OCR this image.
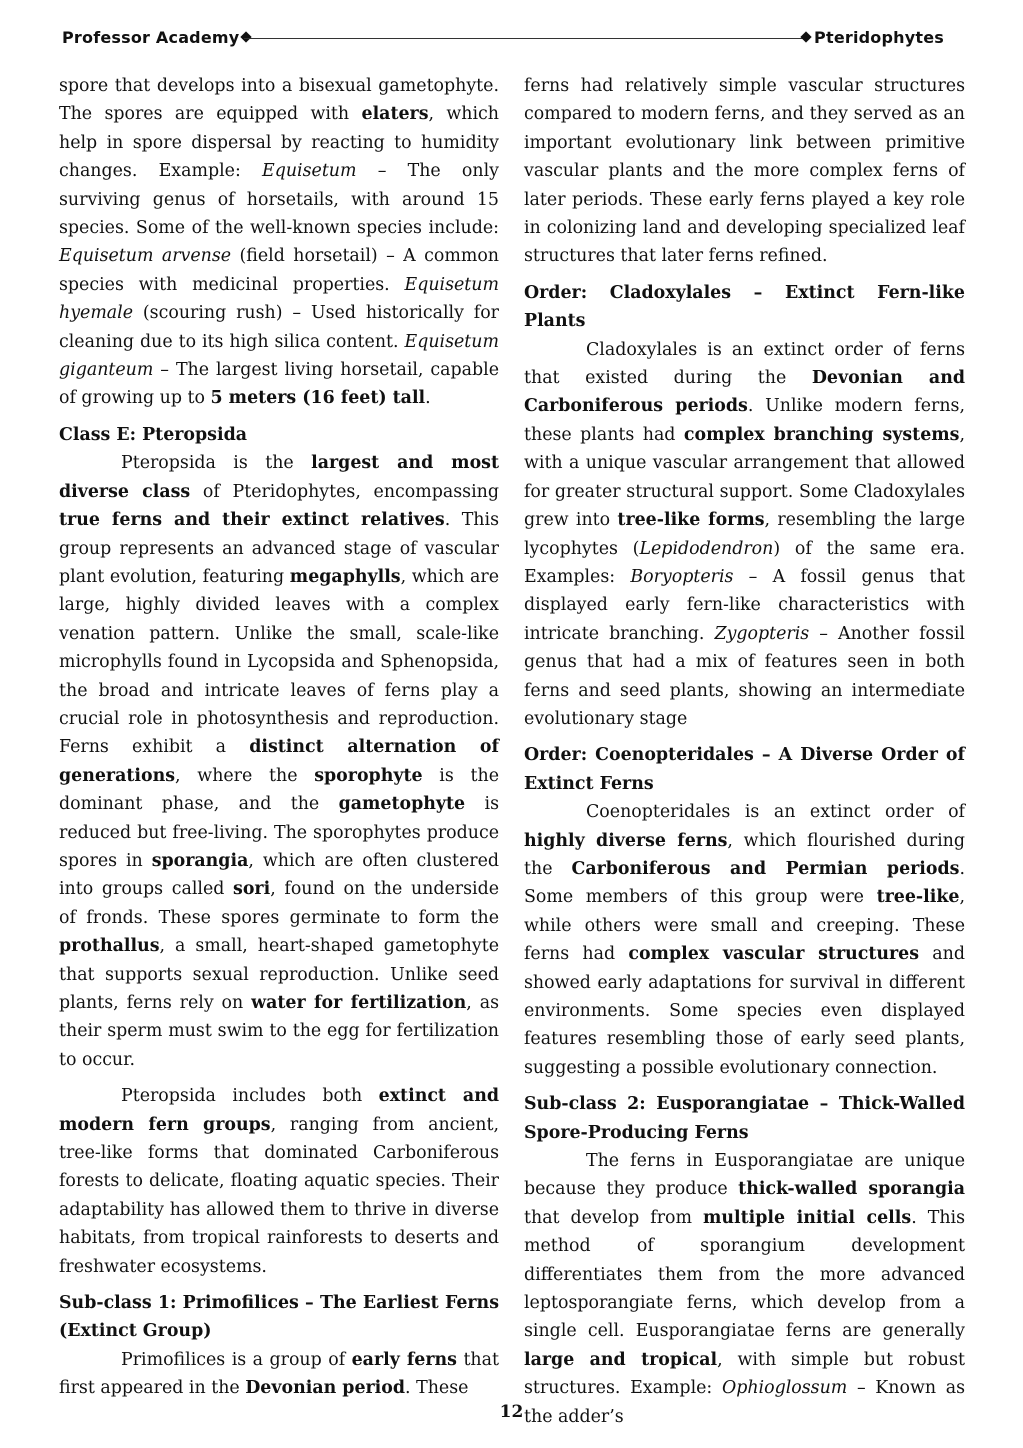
Professor Academy	Pteridophytes

spore that develops into a bisexual gametophyte. The spores are equipped with elaters, which help in spore dispersal by reacting to humidity changes. Example: Equisetum – The only surviving genus of horsetails, with around 15 species. Some of the well-known species include: Equisetum arvense (field horsetail) – A common species with medicinal properties. Equisetum hyemale (scouring rush) – Used historically for cleaning due to its high silica content. Equisetum giganteum – The largest living horsetail, capable of growing up to 5 meters (16 feet) tall.

Class E: Pteropsida

Pteropsida is the largest and most diverse class of Pteridophytes, encompassing true ferns and their extinct relatives. This group represents an advanced stage of vascular plant evolution, featuring megaphylls, which are large, highly divided leaves with a complex venation pattern. Unlike the small, scale-like microphylls found in Lycopsida and Sphenopsida, the broad and intricate leaves of ferns play a crucial role in photosynthesis and reproduction. Ferns exhibit a distinct alternation of generations, where the sporophyte is the dominant phase, and the gametophyte is reduced but free-living. The sporophytes produce spores in sporangia, which are often clustered into groups called sori, found on the underside of fronds. These spores germinate to form the prothallus, a small, heart-shaped gametophyte that supports sexual reproduction. Unlike seed plants, ferns rely on water for fertilization, as their sperm must swim to the egg for fertilization to occur.

Pteropsida includes both extinct and modern fern groups, ranging from ancient, tree-like forms that dominated Carboniferous forests to delicate, floating aquatic species. Their adaptability has allowed them to thrive in diverse habitats, from tropical rainforests to deserts and freshwater ecosystems.

Sub-class 1: Primofilices – The Earliest Ferns (Extinct Group)

Primofilices is a group of early ferns that first appeared in the Devonian period. These

ferns had relatively simple vascular structures compared to modern ferns, and they served as an important evolutionary link between primitive vascular plants and the more complex ferns of later periods. These early ferns played a key role in colonizing land and developing specialized leaf structures that later ferns refined.

Order: Cladoxylales – Extinct Fern-like Plants

Cladoxylales is an extinct order of ferns that existed during the Devonian and Carboniferous periods. Unlike modern ferns, these plants had complex branching systems, with a unique vascular arrangement that allowed for greater structural support. Some Cladoxylales grew into tree-like forms, resembling the large lycophytes (Lepidodendron) of the same era. Examples: Boryopteris – A fossil genus that displayed early fern-like characteristics with intricate branching. Zygopteris – Another fossil genus that had a mix of features seen in both ferns and seed plants, showing an intermediate evolutionary stage

Order: Coenopteridales – A Diverse Order of Extinct Ferns

Coenopteridales is an extinct order of highly diverse ferns, which flourished during the Carboniferous and Permian periods. Some members of this group were tree-like, while others were small and creeping. These ferns had complex vascular structures and showed early adaptations for survival in different environments. Some species even displayed features resembling those of early seed plants, suggesting a possible evolutionary connection.

Sub-class 2: Eusporangiatae – Thick-Walled Spore-Producing Ferns

The ferns in Eusporangiatae are unique because they produce thick-walled sporangia that develop from multiple initial cells. This method of sporangium development differentiates them from the more advanced leptosporangiate ferns, which develop from a single cell. Eusporangiatae ferns are generally large and tropical, with simple but robust structures. Example: Ophioglossum – Known as the adder’s

12
